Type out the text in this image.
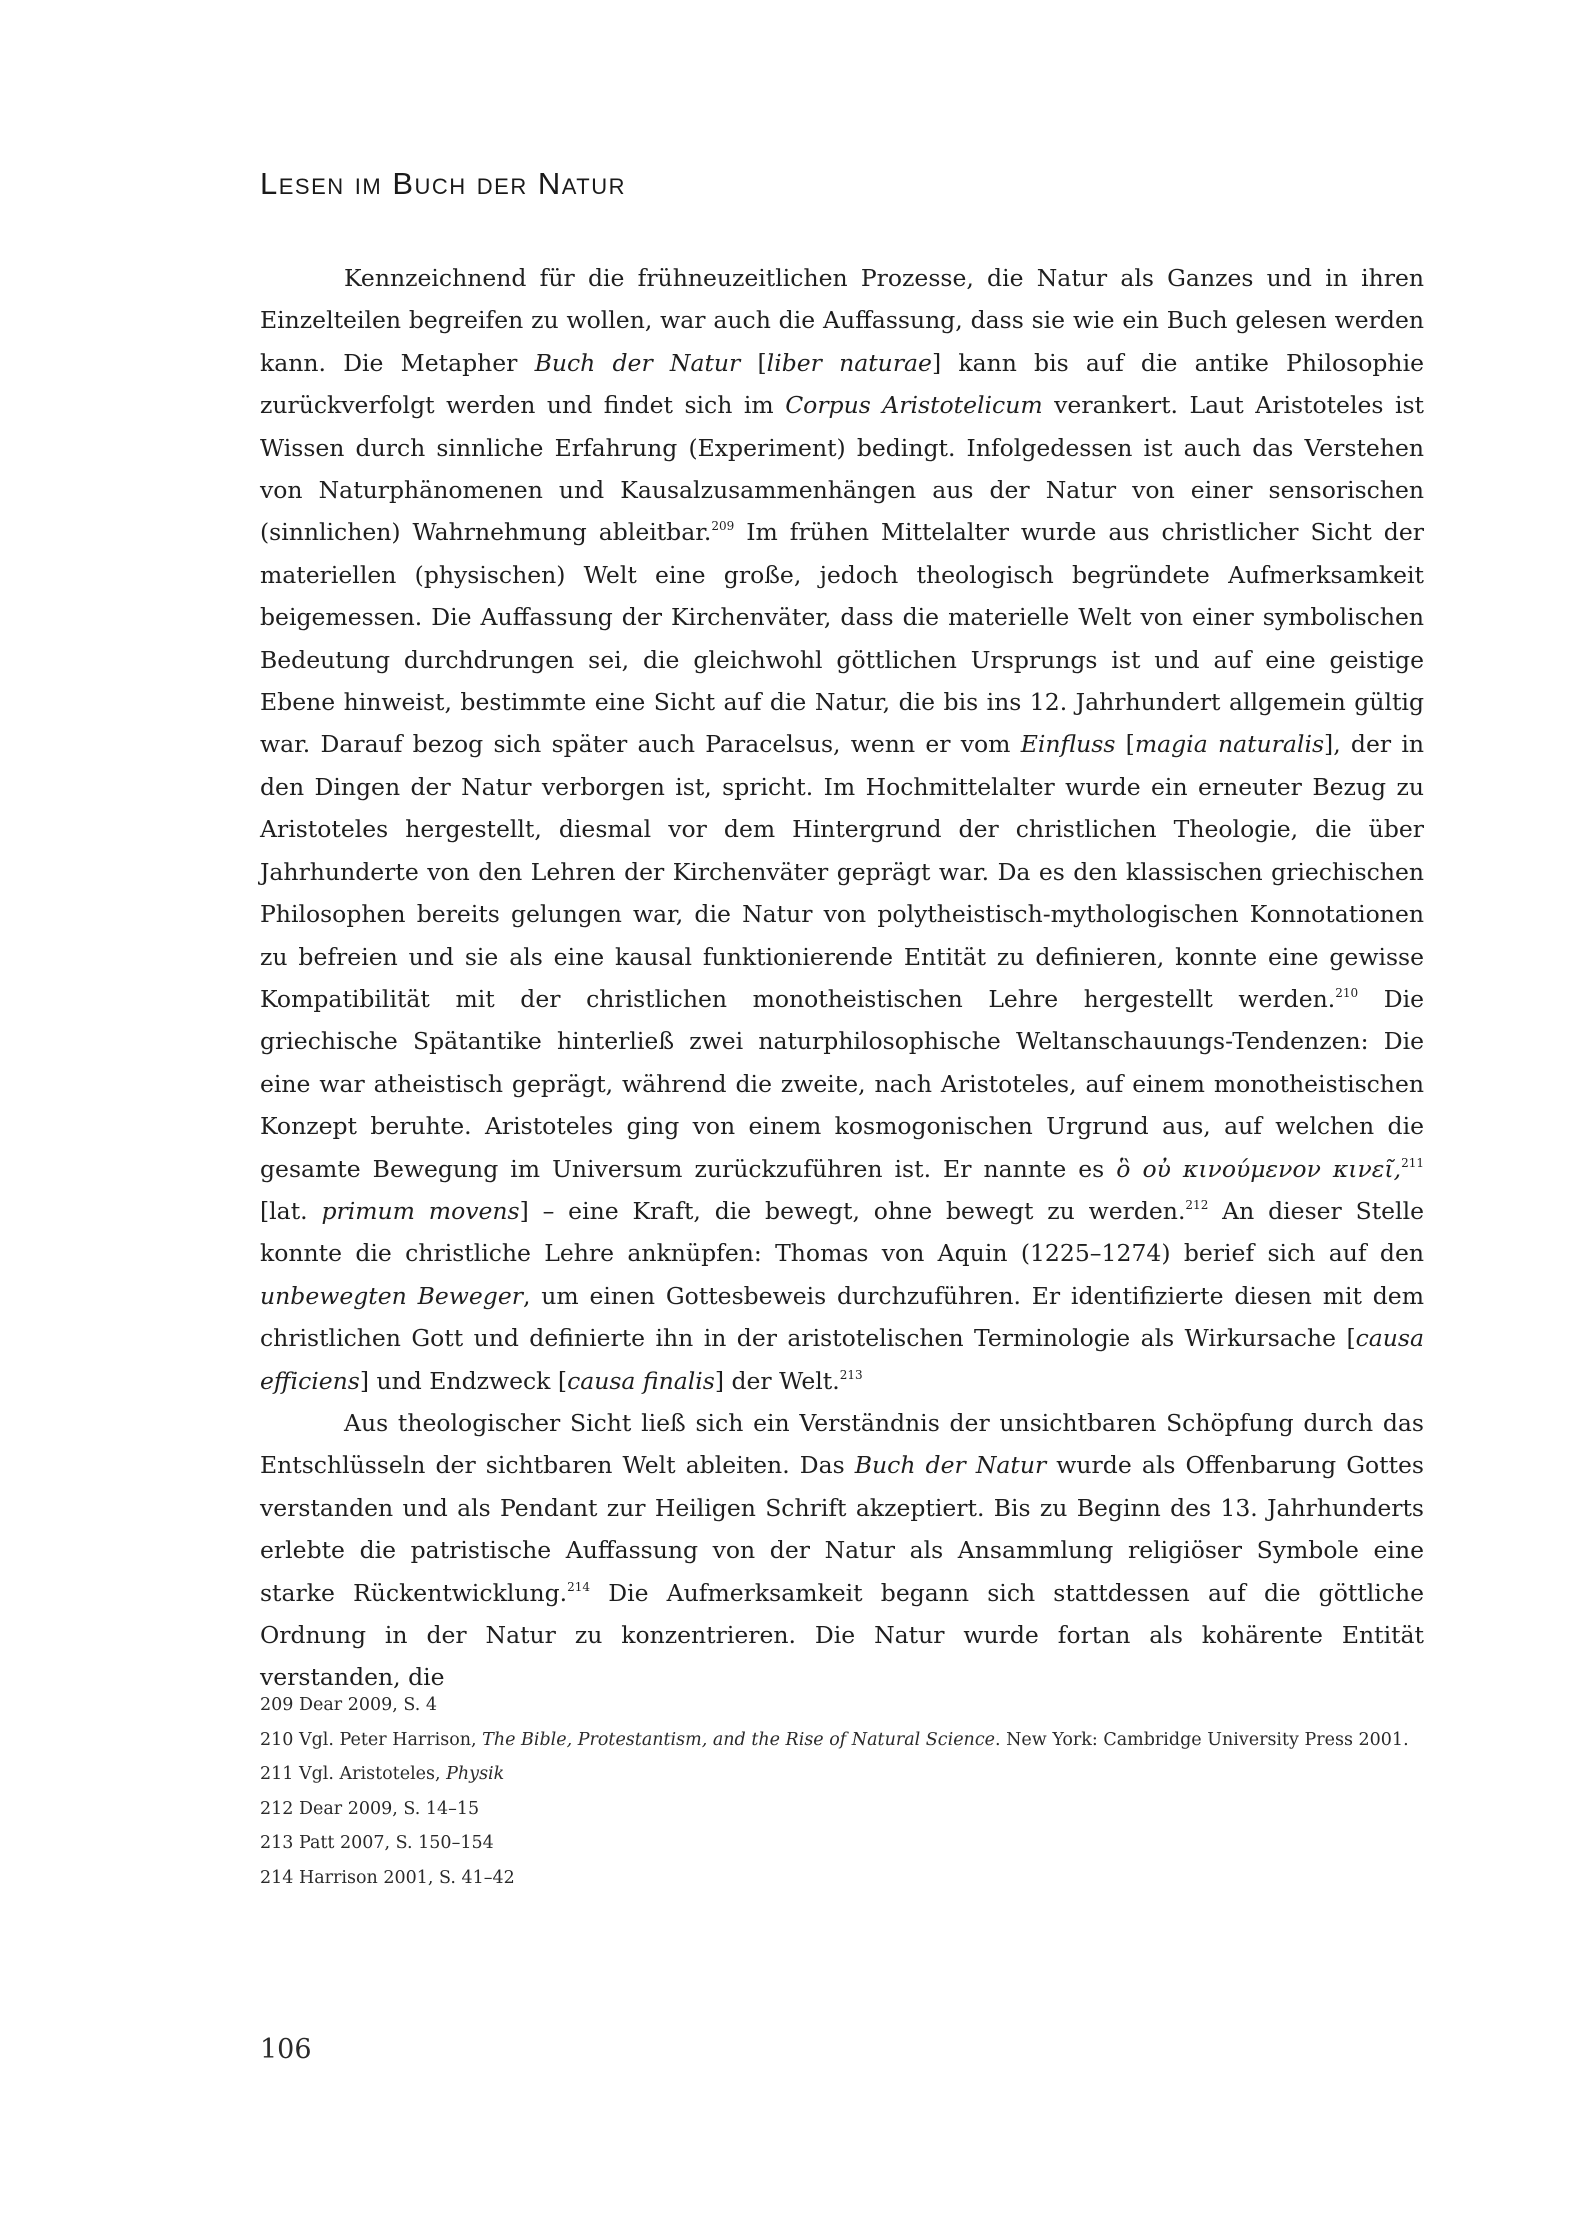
Lesen im Buch der Natur

Kennzeichnend für die frühneuzeitlichen Prozesse, die Natur als Ganzes und in ihren Einzelteilen begreifen zu wollen, war auch die Auffassung, dass sie wie ein Buch gelesen werden kann. Die Metapher Buch der Natur [liber naturae] kann bis auf die antike Philosophie zurückverfolgt werden und findet sich im Corpus Aristotelicum verankert. Laut Aristoteles ist Wissen durch sinnliche Erfahrung (Experiment) bedingt. Infolgedessen ist auch das Verstehen von Naturphänomenen und Kausalzusammenhängen aus der Natur von einer sensorischen (sinnlichen) Wahrnehmung ableitbar.$^{209}$ Im frühen Mittelalter wurde aus christlicher Sicht der materiellen (physischen) Welt eine große, jedoch theologisch begründete Aufmerksamkeit beigemessen. Die Auffassung der Kirchenväter, dass die materielle Welt von einer symbolischen Bedeutung durchdrungen sei, die gleichwohl göttlichen Ursprungs ist und auf eine geistige Ebene hinweist, bestimmte eine Sicht auf die Natur, die bis ins 12. Jahrhundert allgemein gültig war. Darauf bezog sich später auch Paracelsus, wenn er vom Einfluss [magia naturalis], der in den Dingen der Natur verborgen ist, spricht. Im Hochmittelalter wurde ein erneuter Bezug zu Aristoteles hergestellt, diesmal vor dem Hintergrund der christlichen Theologie, die über Jahrhunderte von den Lehren der Kirchenväter geprägt war. Da es den klassischen griechischen Philosophen bereits gelungen war, die Natur von polytheistisch-mythologischen Konnotationen zu befreien und sie als eine kausal funktionierende Entität zu definieren, konnte eine gewisse Kompatibilität mit der christlichen monotheistischen Lehre hergestellt werden.$^{210}$ Die griechische Spätantike hinterließ zwei naturphilosophische Weltanschauungs-Tendenzen: Die eine war atheistisch geprägt, während die zweite, nach Aristoteles, auf einem monotheistischen Konzept beruhte. Aristoteles ging von einem kosmogonischen Urgrund aus, auf welchen die gesamte Bewegung im Universum zurückzuführen ist. Er nannte es ὃ οὐ κινούμενον κινεῖ,$^{211}$ [lat. primum movens] – eine Kraft, die bewegt, ohne bewegt zu werden.$^{212}$ An dieser Stelle konnte die christliche Lehre anknüpfen: Thomas von Aquin (1225–1274) berief sich auf den unbewegten Beweger, um einen Gottesbeweis durchzuführen. Er identifizierte diesen mit dem christlichen Gott und definierte ihn in der aristotelischen Terminologie als Wirkursache [causa efficiens] und Endzweck [causa finalis] der Welt.$^{213}$

Aus theologischer Sicht ließ sich ein Verständnis der unsichtbaren Schöpfung durch das Entschlüsseln der sichtbaren Welt ableiten. Das Buch der Natur wurde als Offenbarung Gottes verstanden und als Pendant zur Heiligen Schrift akzeptiert. Bis zu Beginn des 13. Jahrhunderts erlebte die patristische Auffassung von der Natur als Ansammlung religiöser Symbole eine starke Rückentwicklung.$^{214}$ Die Aufmerksamkeit begann sich stattdessen auf die göttliche Ordnung in der Natur zu konzentrieren. Die Natur wurde fortan als kohärente Entität verstanden, die

209 Dear 2009, S. 4
210 Vgl. Peter Harrison, The Bible, Protestantism, and the Rise of Natural Science. New York: Cambridge University Press 2001.
211 Vgl. Aristoteles, Physik
212 Dear 2009, S. 14–15
213 Patt 2007, S. 150–154
214 Harrison 2001, S. 41–42
106
